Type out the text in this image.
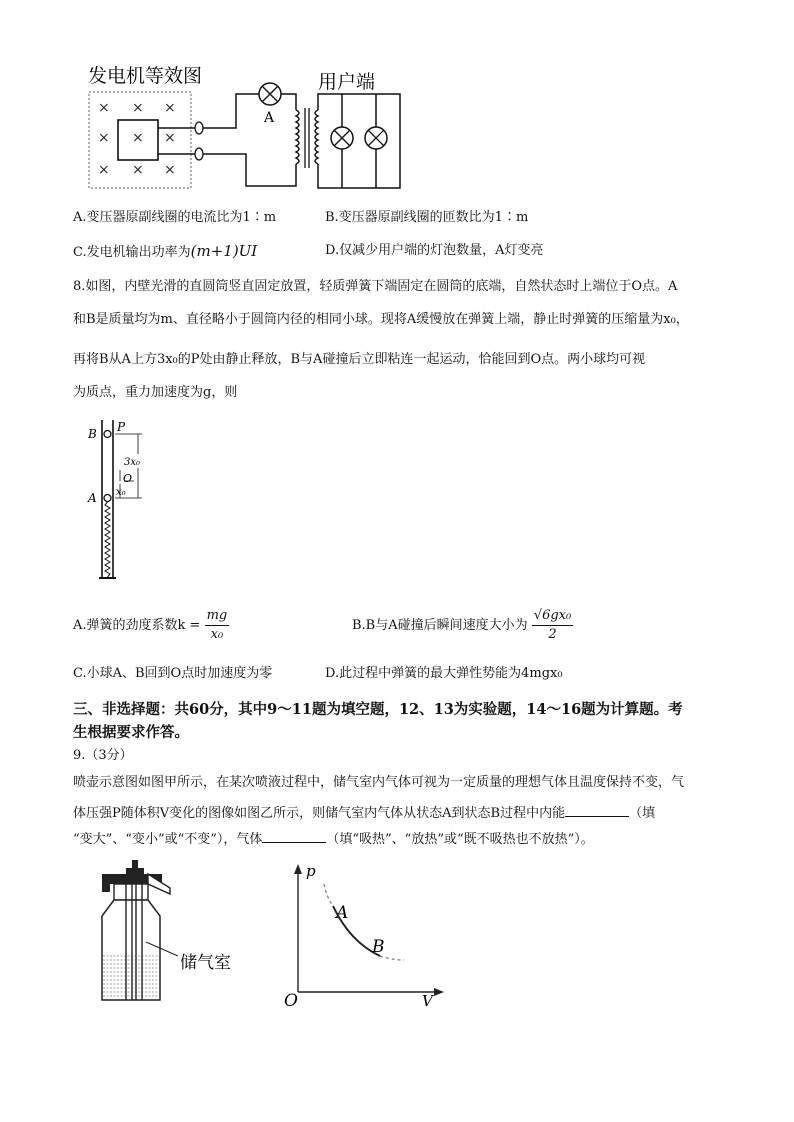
发电机等效图	用户端
× × ×
× × ×
× × ×
A
A.变压器原副线圈的电流比为1∶m	B.变压器原副线圈的匝数比为1∶m
C.发电机输出功率为(m+1)UI	D.仅减少用户端的灯泡数量，A灯变亮
8.如图，内壁光滑的直圆筒竖直固定放置，轻质弹簧下端固定在圆筒的底端，自然状态时上端位于O点。A
和B是质量均为m、直径略小于圆筒内径的相同小球。现将A缓慢放在弹簧上端，静止时弹簧的压缩量为x₀，
再将B从A上方3x₀的P处由静止释放，B与A碰撞后立即粘连一起运动，恰能回到O点。两小球均可视
为质点，重力加速度为g，则
B
A
P
3x₀
O
x₀
A.弹簧的劲度系数$k = \frac{mg}{\text{x₀}}$	B.B与A碰撞后瞬间速度大小为 $\frac{\text{√6gx₀}}{2}$
C.小球A、B回到O点时加速度为零	D.此过程中弹簧的最大弹性势能为4mgx₀
三、非选择题：共60分，其中9～11题为填空题，12、13为实验题，14～16题为计算题。考
生根据要求作答。
9.（3分）
喷壶示意图如图甲所示，在某次喷液过程中，储气室内气体可视为一定质量的理想气体且温度保持不变，气
体压强P随体积V变化的图像如图乙所示，则储气室内气体从状态A到状态B过程中内能	（填
“变大”、“变小”或“不变”），气体	（填“吸热”、“放热”或“既不吸热也不放热”）。
储气室
p
A
B
O	V
